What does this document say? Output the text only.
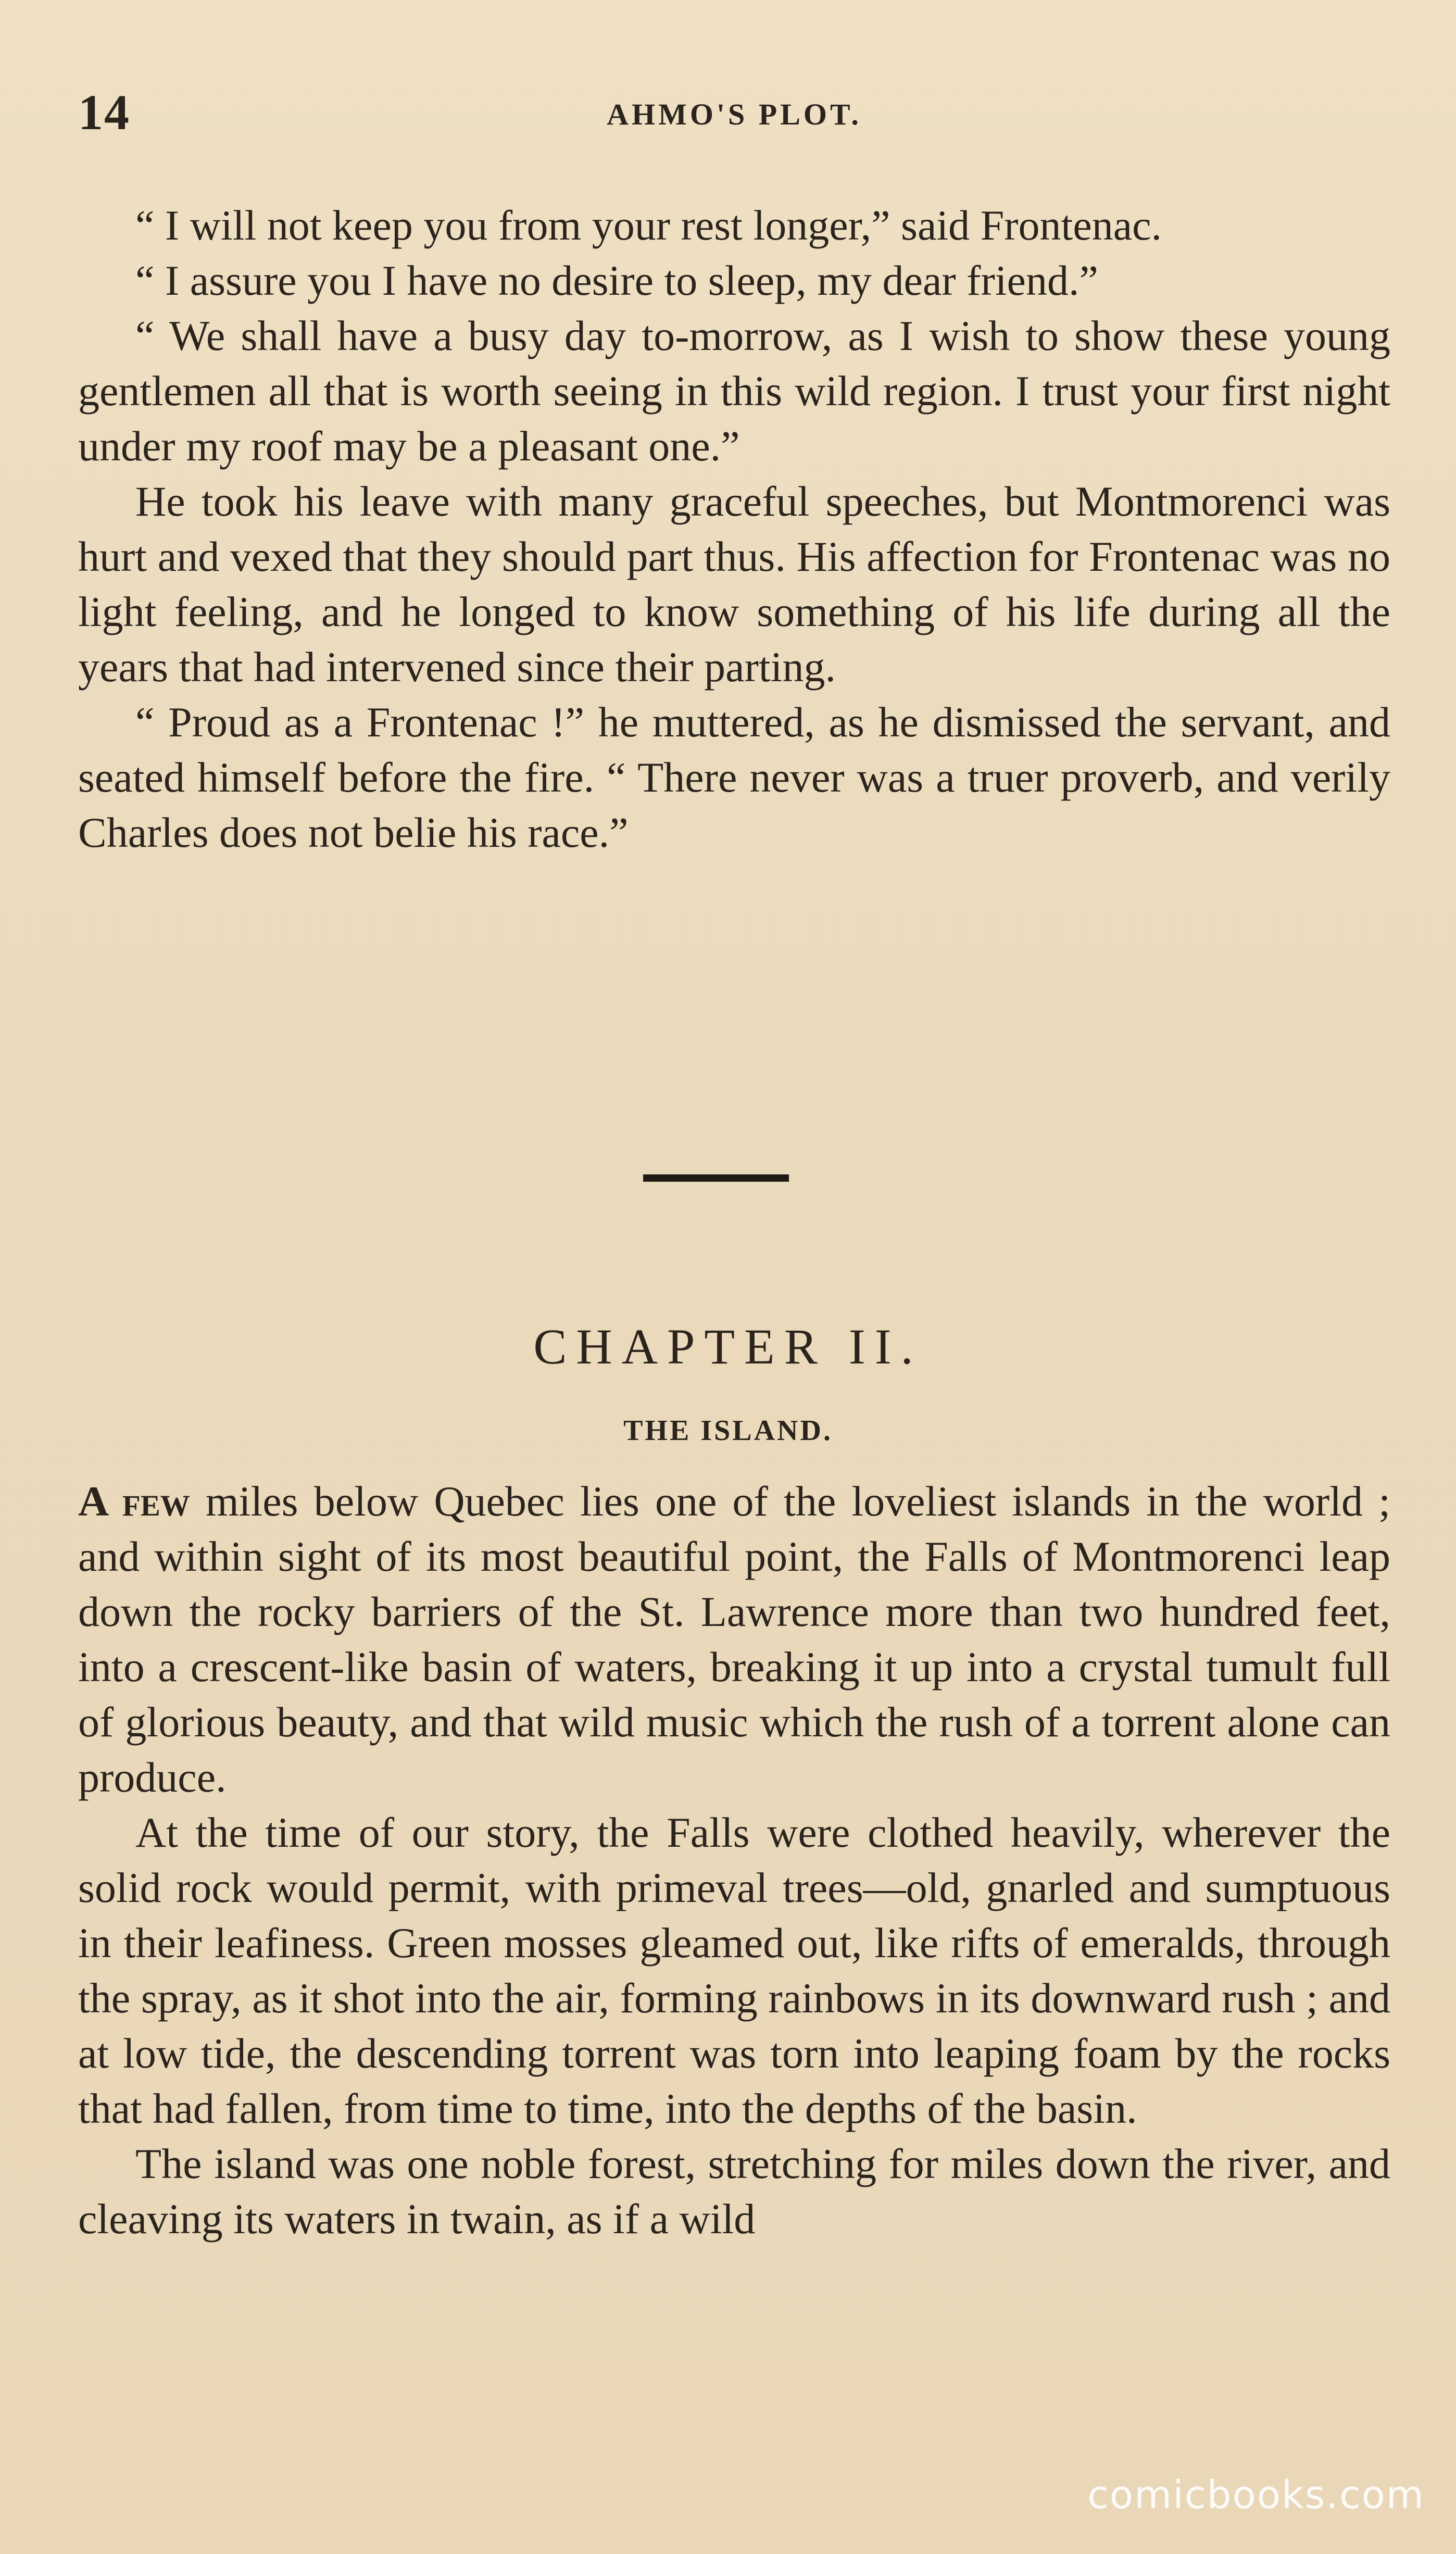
14	AHMO'S PLOT.

“ I will not keep you from your rest longer,” said Frontenac.

“ I assure you I have no desire to sleep, my dear friend.”

“ We shall have a busy day to-morrow, as I wish to show these young gentlemen all that is worth seeing in this wild region. I trust your first night under my roof may be a pleasant one.”

He took his leave with many graceful speeches, but Montmorenci was hurt and vexed that they should part thus. His affection for Frontenac was no light feeling, and he longed to know something of his life during all the years that had intervened since their parting.

“ Proud as a Frontenac !” he muttered, as he dismissed the servant, and seated himself before the fire. “ There never was a truer proverb, and verily Charles does not belie his race.”

CHAPTER II.
THE ISLAND.

A few miles below Quebec lies one of the loveliest islands in the world ; and within sight of its most beautiful point, the Falls of Montmorenci leap down the rocky barriers of the St. Lawrence more than two hundred feet, into a crescent-like basin of waters, breaking it up into a crystal tumult full of glorious beauty, and that wild music which the rush of a torrent alone can produce.

At the time of our story, the Falls were clothed heavily, wherever the solid rock would permit, with primeval trees—old, gnarled and sumptuous in their leafiness. Green mosses gleamed out, like rifts of emeralds, through the spray, as it shot into the air, forming rainbows in its downward rush ; and at low tide, the descending torrent was torn into leaping foam by the rocks that had fallen, from time to time, into the depths of the basin.

The island was one noble forest, stretching for miles down the river, and cleaving its waters in twain, as if a wild

comicbooks.com
